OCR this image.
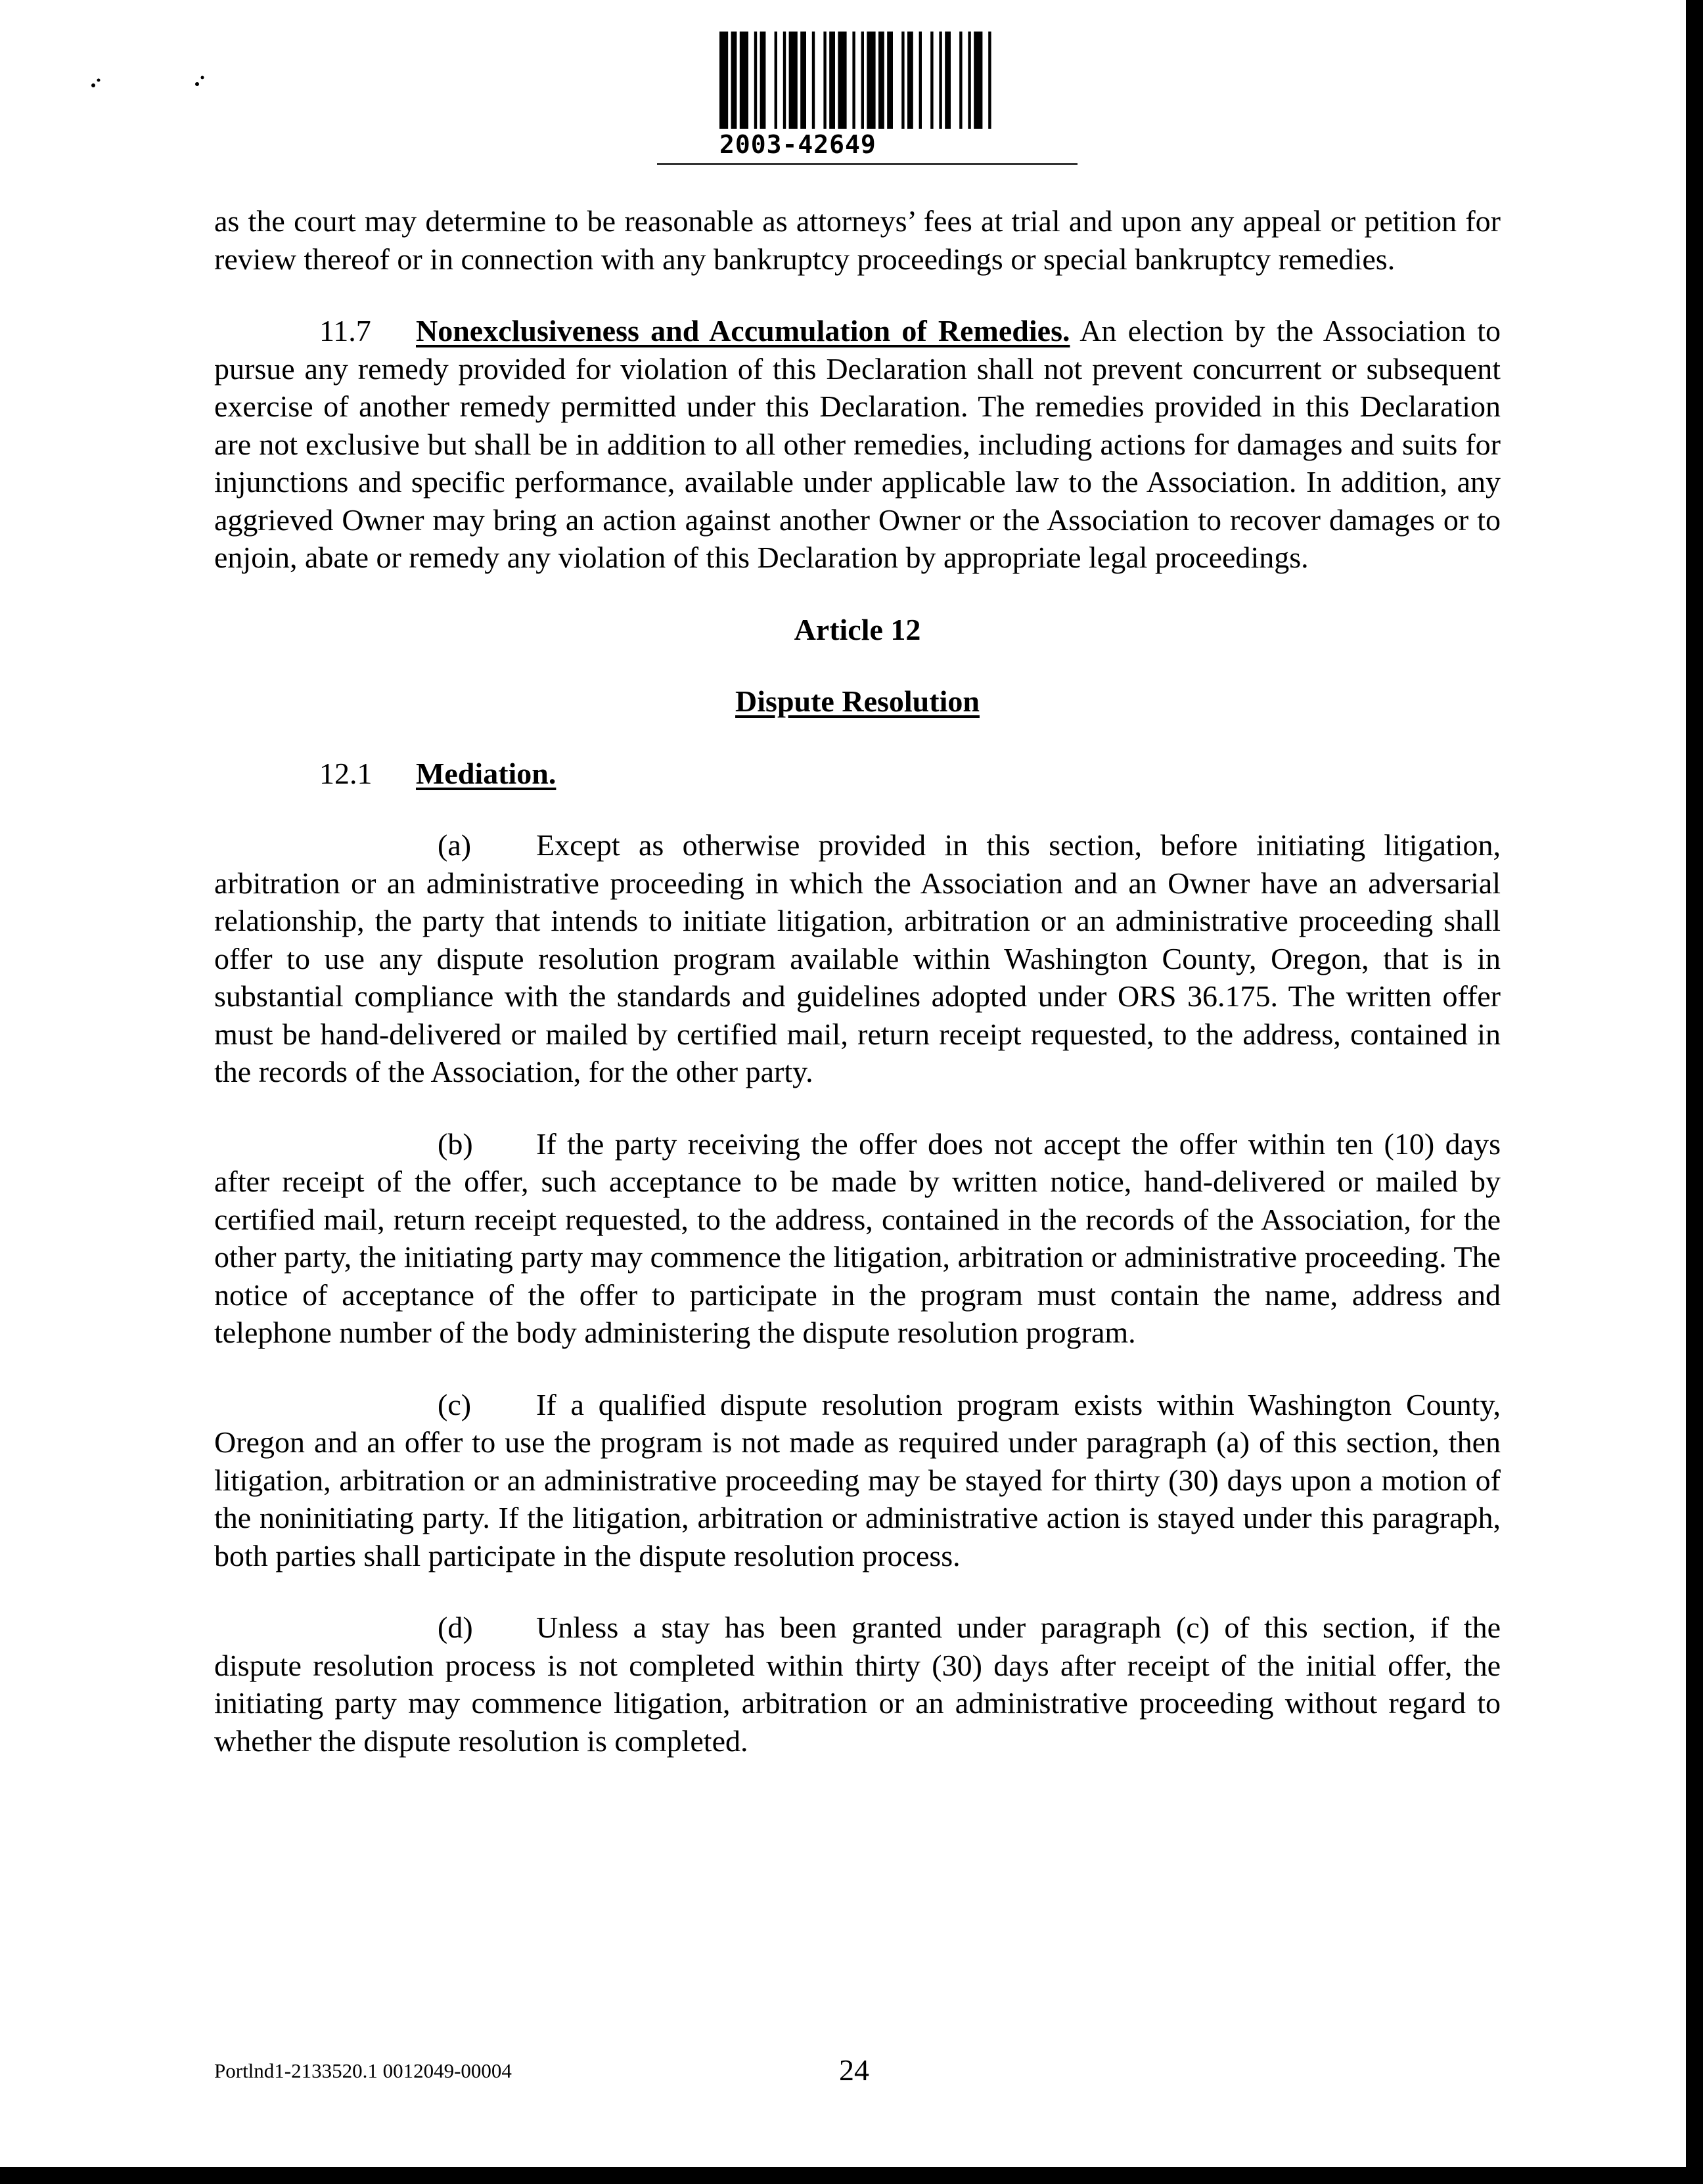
2003-42649

as the court may determine to be reasonable as attorneys’ fees at trial and upon any appeal or petition for review thereof or in connection with any bankruptcy proceedings or special bankruptcy remedies.

11.7 Nonexclusiveness and Accumulation of Remedies. An election by the Association to pursue any remedy provided for violation of this Declaration shall not prevent concurrent or subsequent exercise of another remedy permitted under this Declaration. The remedies provided in this Declaration are not exclusive but shall be in addition to all other remedies, including actions for damages and suits for injunctions and specific performance, available under applicable law to the Association. In addition, any aggrieved Owner may bring an action against another Owner or the Association to recover damages or to enjoin, abate or remedy any violation of this Declaration by appropriate legal proceedings.

Article 12

Dispute Resolution

12.1 Mediation.

(a) Except as otherwise provided in this section, before initiating litigation, arbitration or an administrative proceeding in which the Association and an Owner have an adversarial relationship, the party that intends to initiate litigation, arbitration or an administrative proceeding shall offer to use any dispute resolution program available within Washington County, Oregon, that is in substantial compliance with the standards and guidelines adopted under ORS 36.175. The written offer must be hand-delivered or mailed by certified mail, return receipt requested, to the address, contained in the records of the Association, for the other party.

(b) If the party receiving the offer does not accept the offer within ten (10) days after receipt of the offer, such acceptance to be made by written notice, hand-delivered or mailed by certified mail, return receipt requested, to the address, contained in the records of the Association, for the other party, the initiating party may commence the litigation, arbitration or administrative proceeding. The notice of acceptance of the offer to participate in the program must contain the name, address and telephone number of the body administering the dispute resolution program.

(c) If a qualified dispute resolution program exists within Washington County, Oregon and an offer to use the program is not made as required under paragraph (a) of this section, then litigation, arbitration or an administrative proceeding may be stayed for thirty (30) days upon a motion of the noninitiating party. If the litigation, arbitration or administrative action is stayed under this paragraph, both parties shall participate in the dispute resolution process.

(d) Unless a stay has been granted under paragraph (c) of this section, if the dispute resolution process is not completed within thirty (30) days after receipt of the initial offer, the initiating party may commence litigation, arbitration or an administrative proceeding without regard to whether the dispute resolution is completed.

Portlnd1-2133520.1 0012049-00004	24
